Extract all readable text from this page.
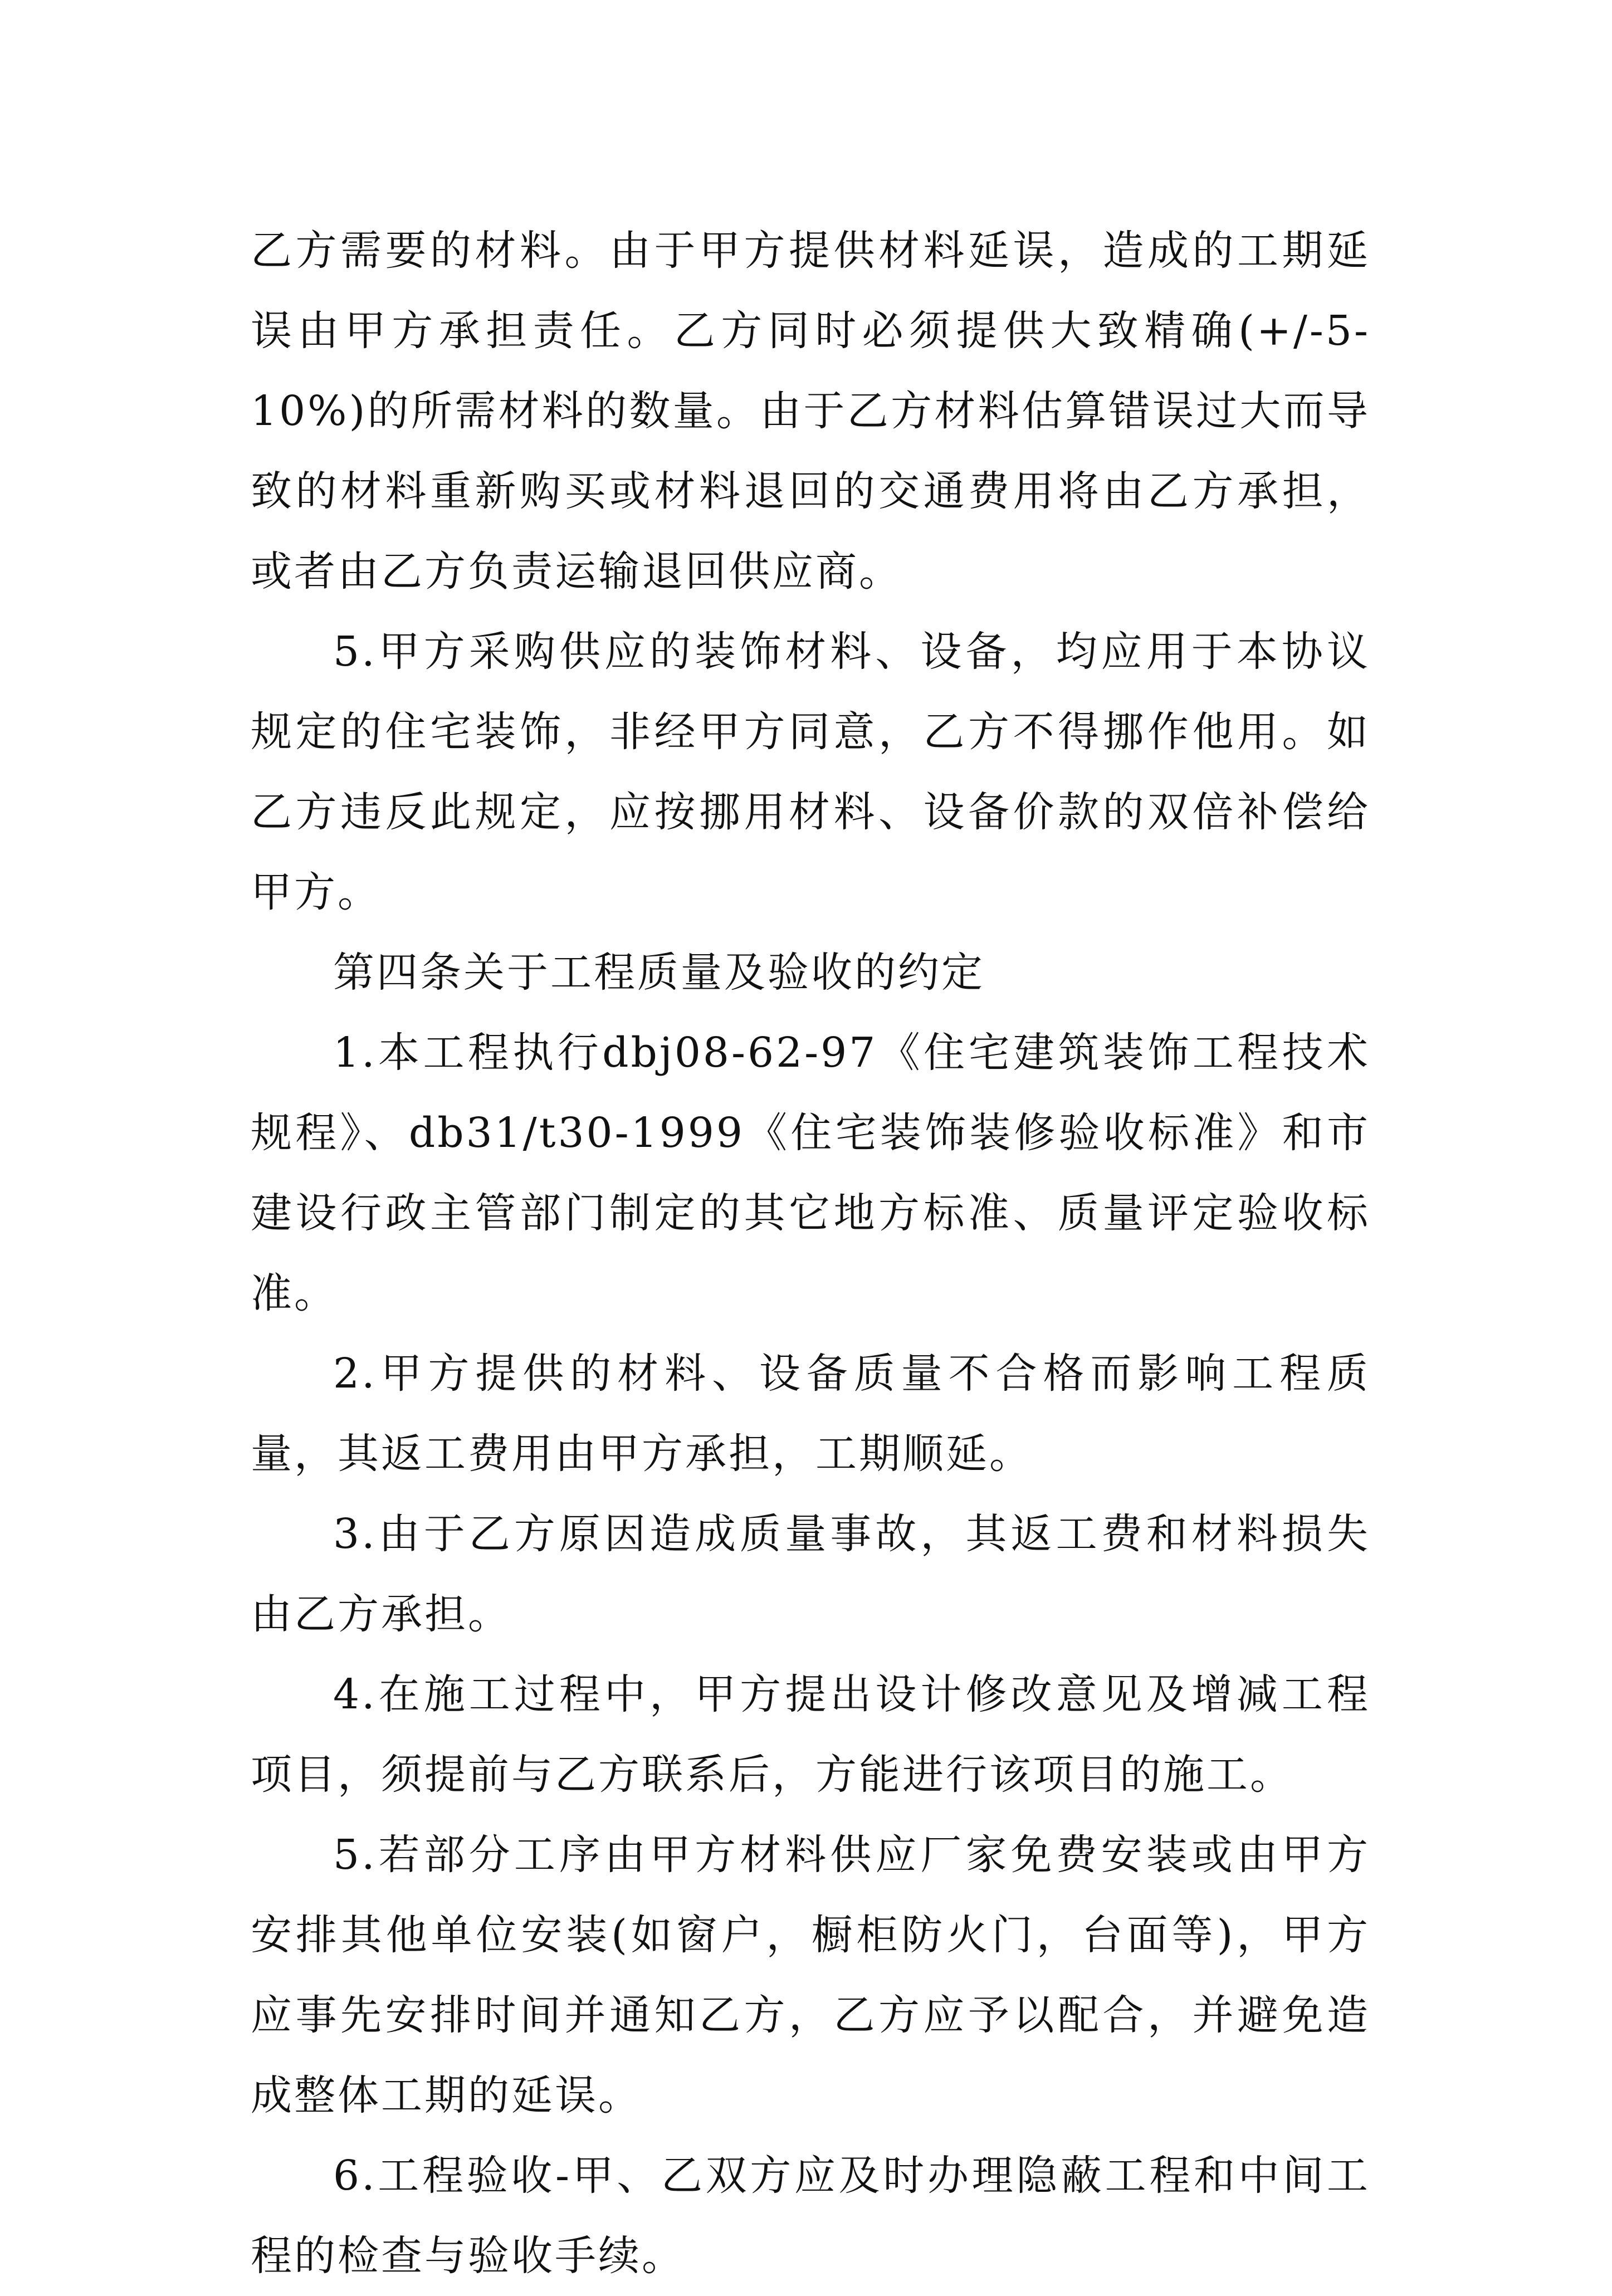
乙方需要的材料。由于甲方提供材料延误，造成的工期延误由甲方承担责任。乙方同时必须提供大致精确(+/-5-10%)的所需材料的数量。由于乙方材料估算错误过大而导致的材料重新购买或材料退回的交通费用将由乙方承担，或者由乙方负责运输退回供应商。

5.甲方采购供应的装饰材料、设备，均应用于本协议规定的住宅装饰，非经甲方同意，乙方不得挪作他用。如乙方违反此规定，应按挪用材料、设备价款的双倍补偿给甲方。

第四条关于工程质量及验收的约定

1.本工程执行dbj08-62-97《住宅建筑装饰工程技术规程》、db31/t30-1999《住宅装饰装修验收标准》和市建设行政主管部门制定的其它地方标准、质量评定验收标准。

2.甲方提供的材料、设备质量不合格而影响工程质量，其返工费用由甲方承担，工期顺延。

3.由于乙方原因造成质量事故，其返工费和材料损失由乙方承担。

4.在施工过程中，甲方提出设计修改意见及增减工程项目，须提前与乙方联系后，方能进行该项目的施工。

5.若部分工序由甲方材料供应厂家免费安装或由甲方安排其他单位安装(如窗户，橱柜防火门，台面等)，甲方应事先安排时间并通知乙方，乙方应予以配合，并避免造成整体工期的延误。

6.工程验收-甲、乙双方应及时办理隐蔽工程和中间工程的检查与验收手续。
